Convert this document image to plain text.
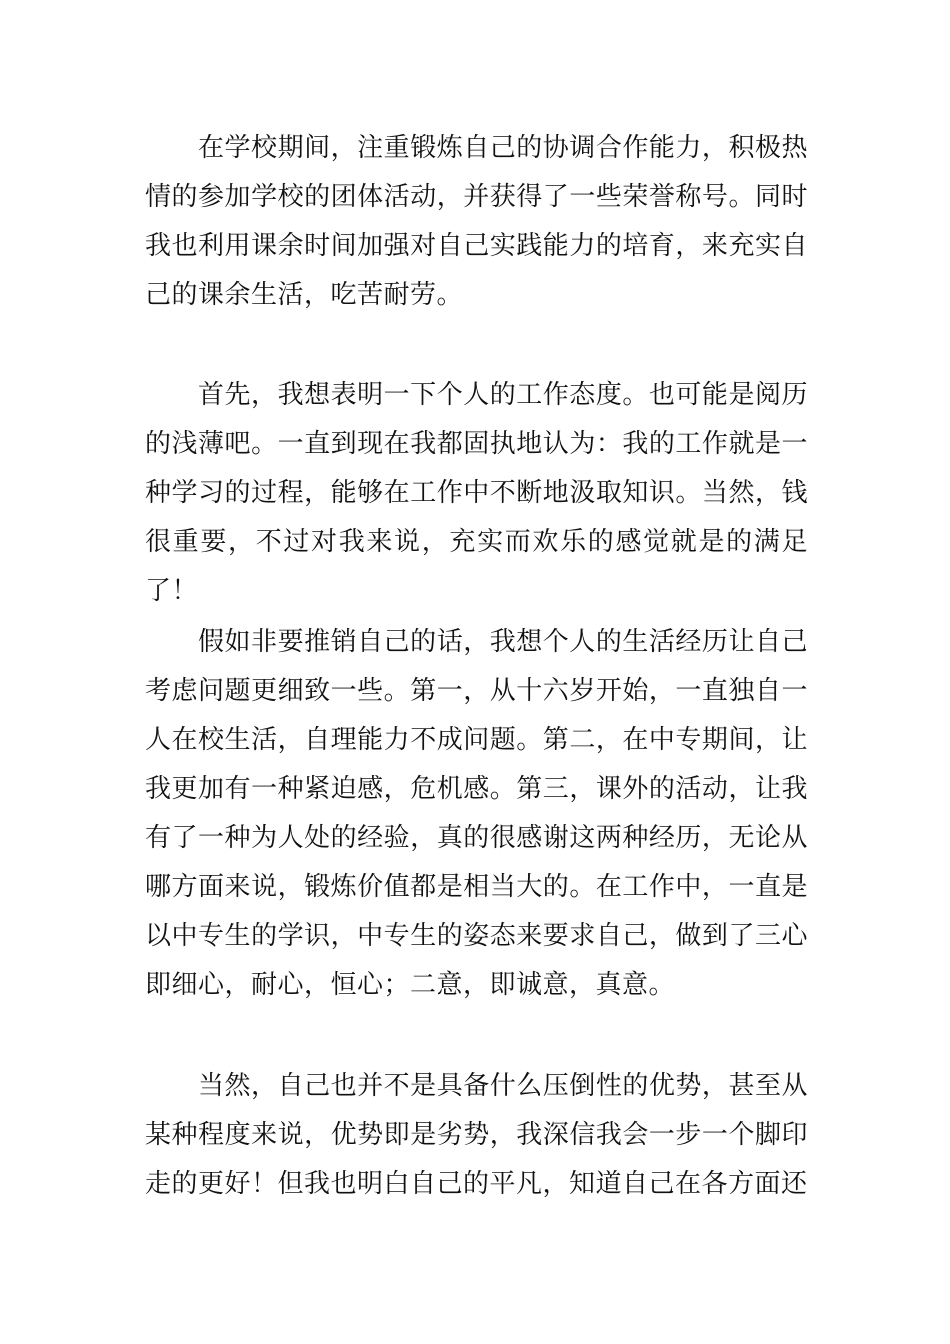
在学校期间，注重锻炼自己的协调合作能力，积极热情的参加学校的团体活动，并获得了一些荣誉称号。同时我也利用课余时间加强对自己实践能力的培育，来充实自己的课余生活，吃苦耐劳。

首先，我想表明一下个人的工作态度。也可能是阅历的浅薄吧。一直到现在我都固执地认为：我的工作就是一种学习的过程，能够在工作中不断地汲取知识。当然，钱很重要，不过对我来说，充实而欢乐的感觉就是的满足了！

假如非要推销自己的话，我想个人的生活经历让自己考虑问题更细致一些。第一，从十六岁开始，一直独自一人在校生活，自理能力不成问题。第二，在中专期间，让我更加有一种紧迫感，危机感。第三，课外的活动，让我有了一种为人处的经验，真的很感谢这两种经历，无论从哪方面来说，锻炼价值都是相当大的。在工作中，一直是以中专生的学识，中专生的姿态来要求自己，做到了三心即细心，耐心，恒心；二意，即诚意，真意。

当然，自己也并不是具备什么压倒性的优势，甚至从某种程度来说，优势即是劣势，我深信我会一步一个脚印走的更好！但我也明白自己的平凡，知道自己在各方面还
